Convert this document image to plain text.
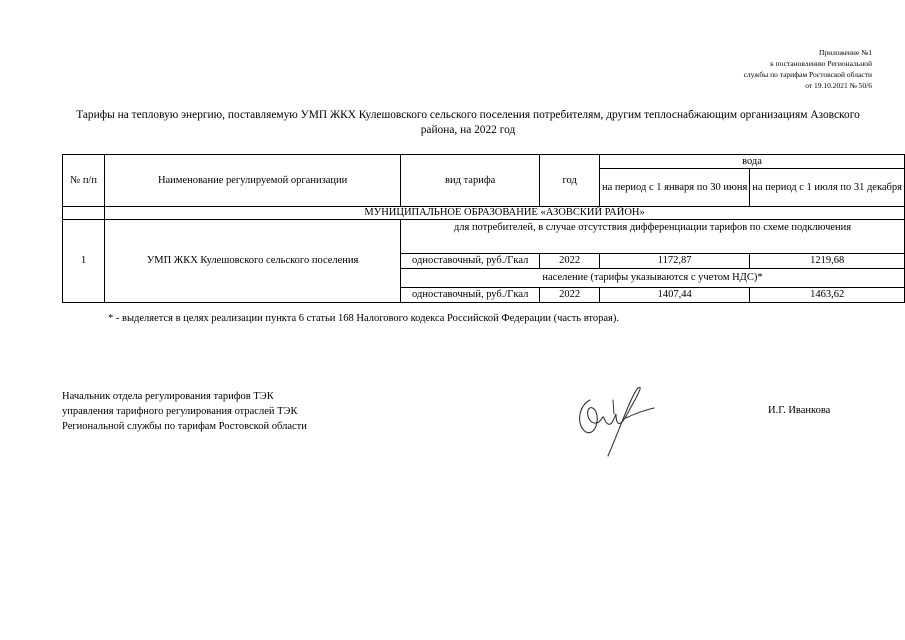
Приложение №1
к постановлению Региональной
службы по тарифам Ростовской области
от 19.10.2021 № 50/6
Тарифы на тепловую энергию, поставляемую УМП ЖКХ Кулешовского сельского поселения потребителям, другим теплоснабжающим организациям Азовского
района, на 2022 год
№ п/п	Наименование регулируемой организации	вид тарифа	год	вода	
				на период с 1 января по 30 июня	на период с 1 июля по 31 декабря
	МУНИЦИПАЛЬНОЕ ОБРАЗОВАНИЕ «АЗОВСКИЙ РАЙОН»				
1	УМП ЖКХ Кулешовского сельского поселения	для потребителей, в случае отсутствия дифференциации тарифов по схеме подключения			
		одноставочный, руб./Гкал	2022	1172,87	1219,68
		население (тарифы указываются с учетом НДС)*			
		одноставочный, руб./Гкал	2022	1407,44	1463,62
* - выделяется в целях реализации пункта 6 статьи 168 Налогового кодекса Российской Федерации (часть вторая).
Начальник отдела регулирования тарифов ТЭК
управления тарифного регулирования отраслей ТЭК
Региональной службы по тарифам Ростовской области
И.Г. Иванкова
